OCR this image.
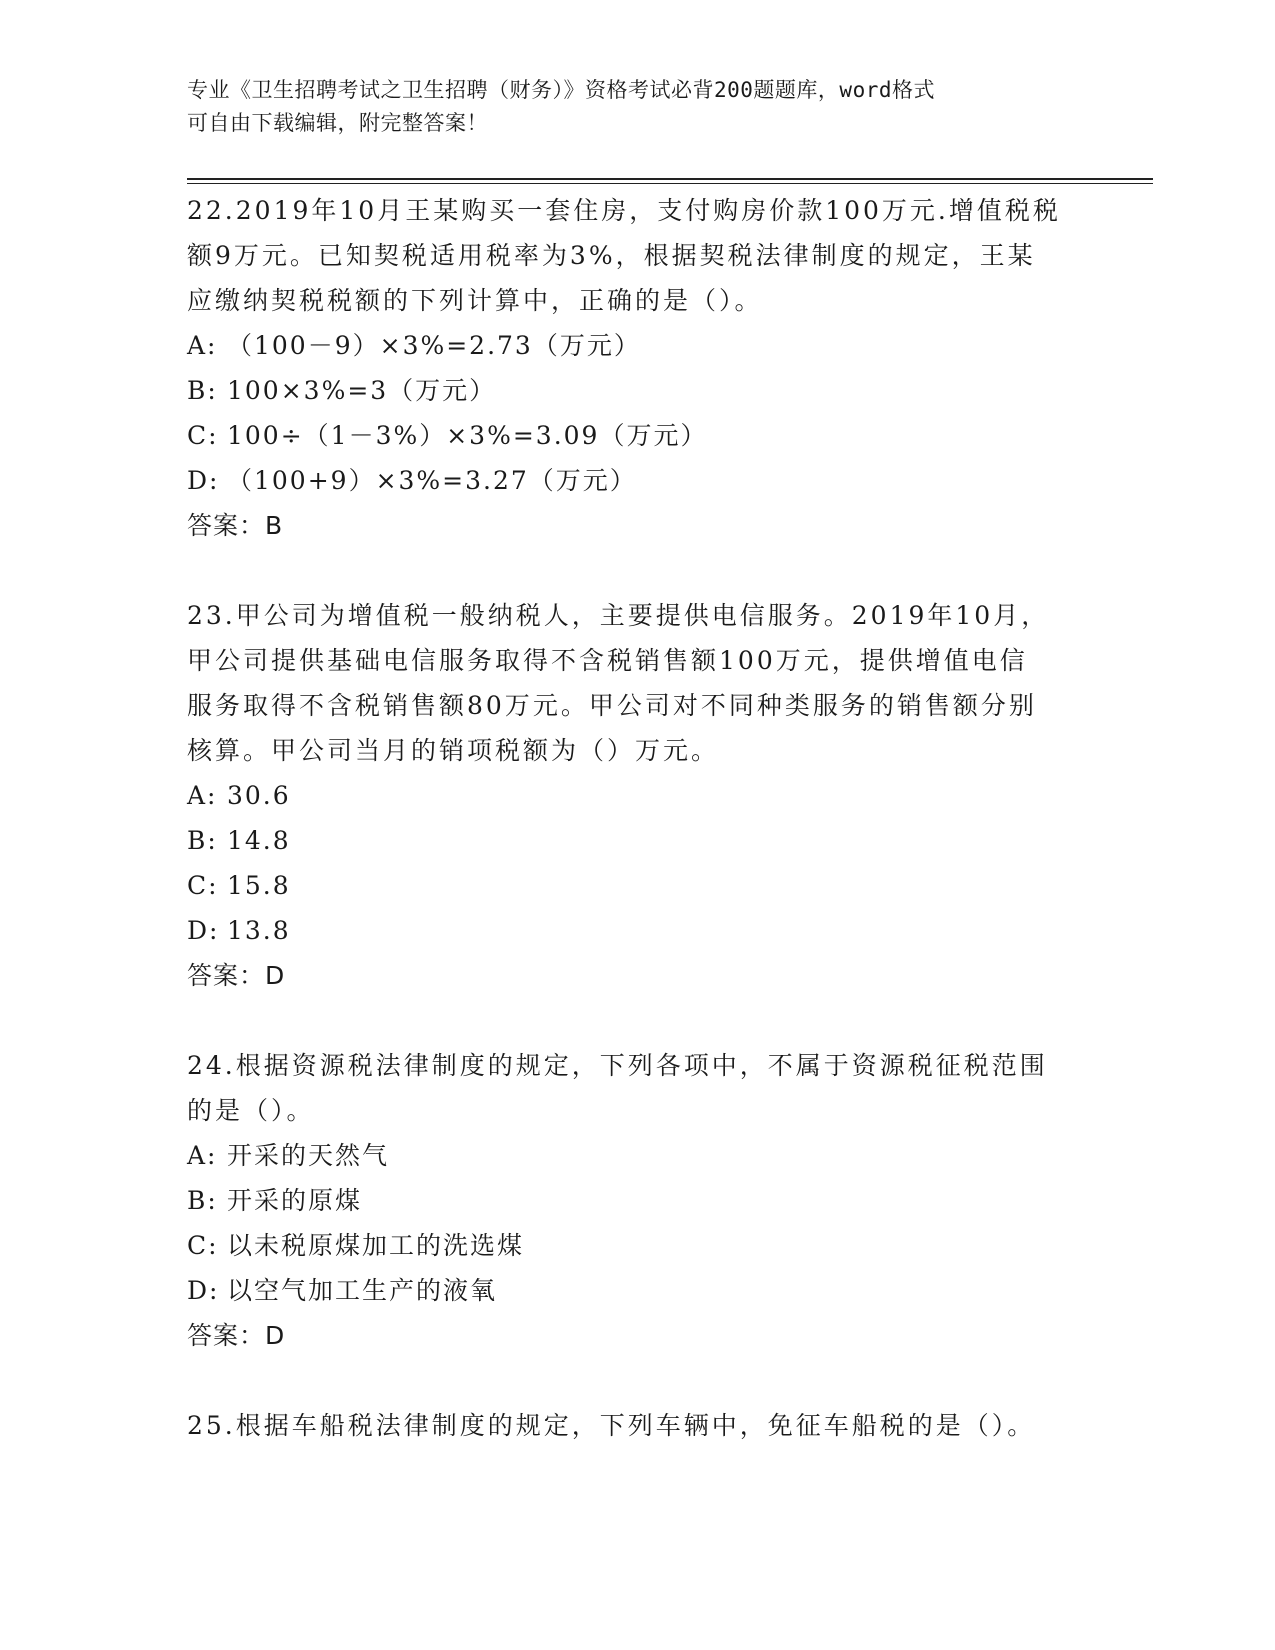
专业《卫生招聘考试之卫生招聘（财务）》资格考试必背200题题库，word格式
可自由下载编辑，附完整答案！

22.2019年10月王某购买一套住房，支付购房价款100万元.增值税税

额9万元。已知契税适用税率为3%，根据契税法律制度的规定，王某

应缴纳契税税额的下列计算中，正确的是（）。

A: （100－9）×3%=2.73（万元）

B: 100×3%=3（万元）

C: 100÷（1－3%）×3%=3.09（万元）

D: （100+9）×3%=3.27（万元）

答案：B

23.甲公司为增值税一般纳税人，主要提供电信服务。2019年10月，

甲公司提供基础电信服务取得不含税销售额100万元，提供增值电信

服务取得不含税销售额80万元。甲公司对不同种类服务的销售额分别

核算。甲公司当月的销项税额为（）万元。

A: 30.6

B: 14.8

C: 15.8

D: 13.8

答案：D

24.根据资源税法律制度的规定，下列各项中，不属于资源税征税范围

的是（）。

A: 开采的天然气

B: 开采的原煤

C: 以未税原煤加工的洗选煤

D: 以空气加工生产的液氧

答案：D

25.根据车船税法律制度的规定，下列车辆中，免征车船税的是（）。
